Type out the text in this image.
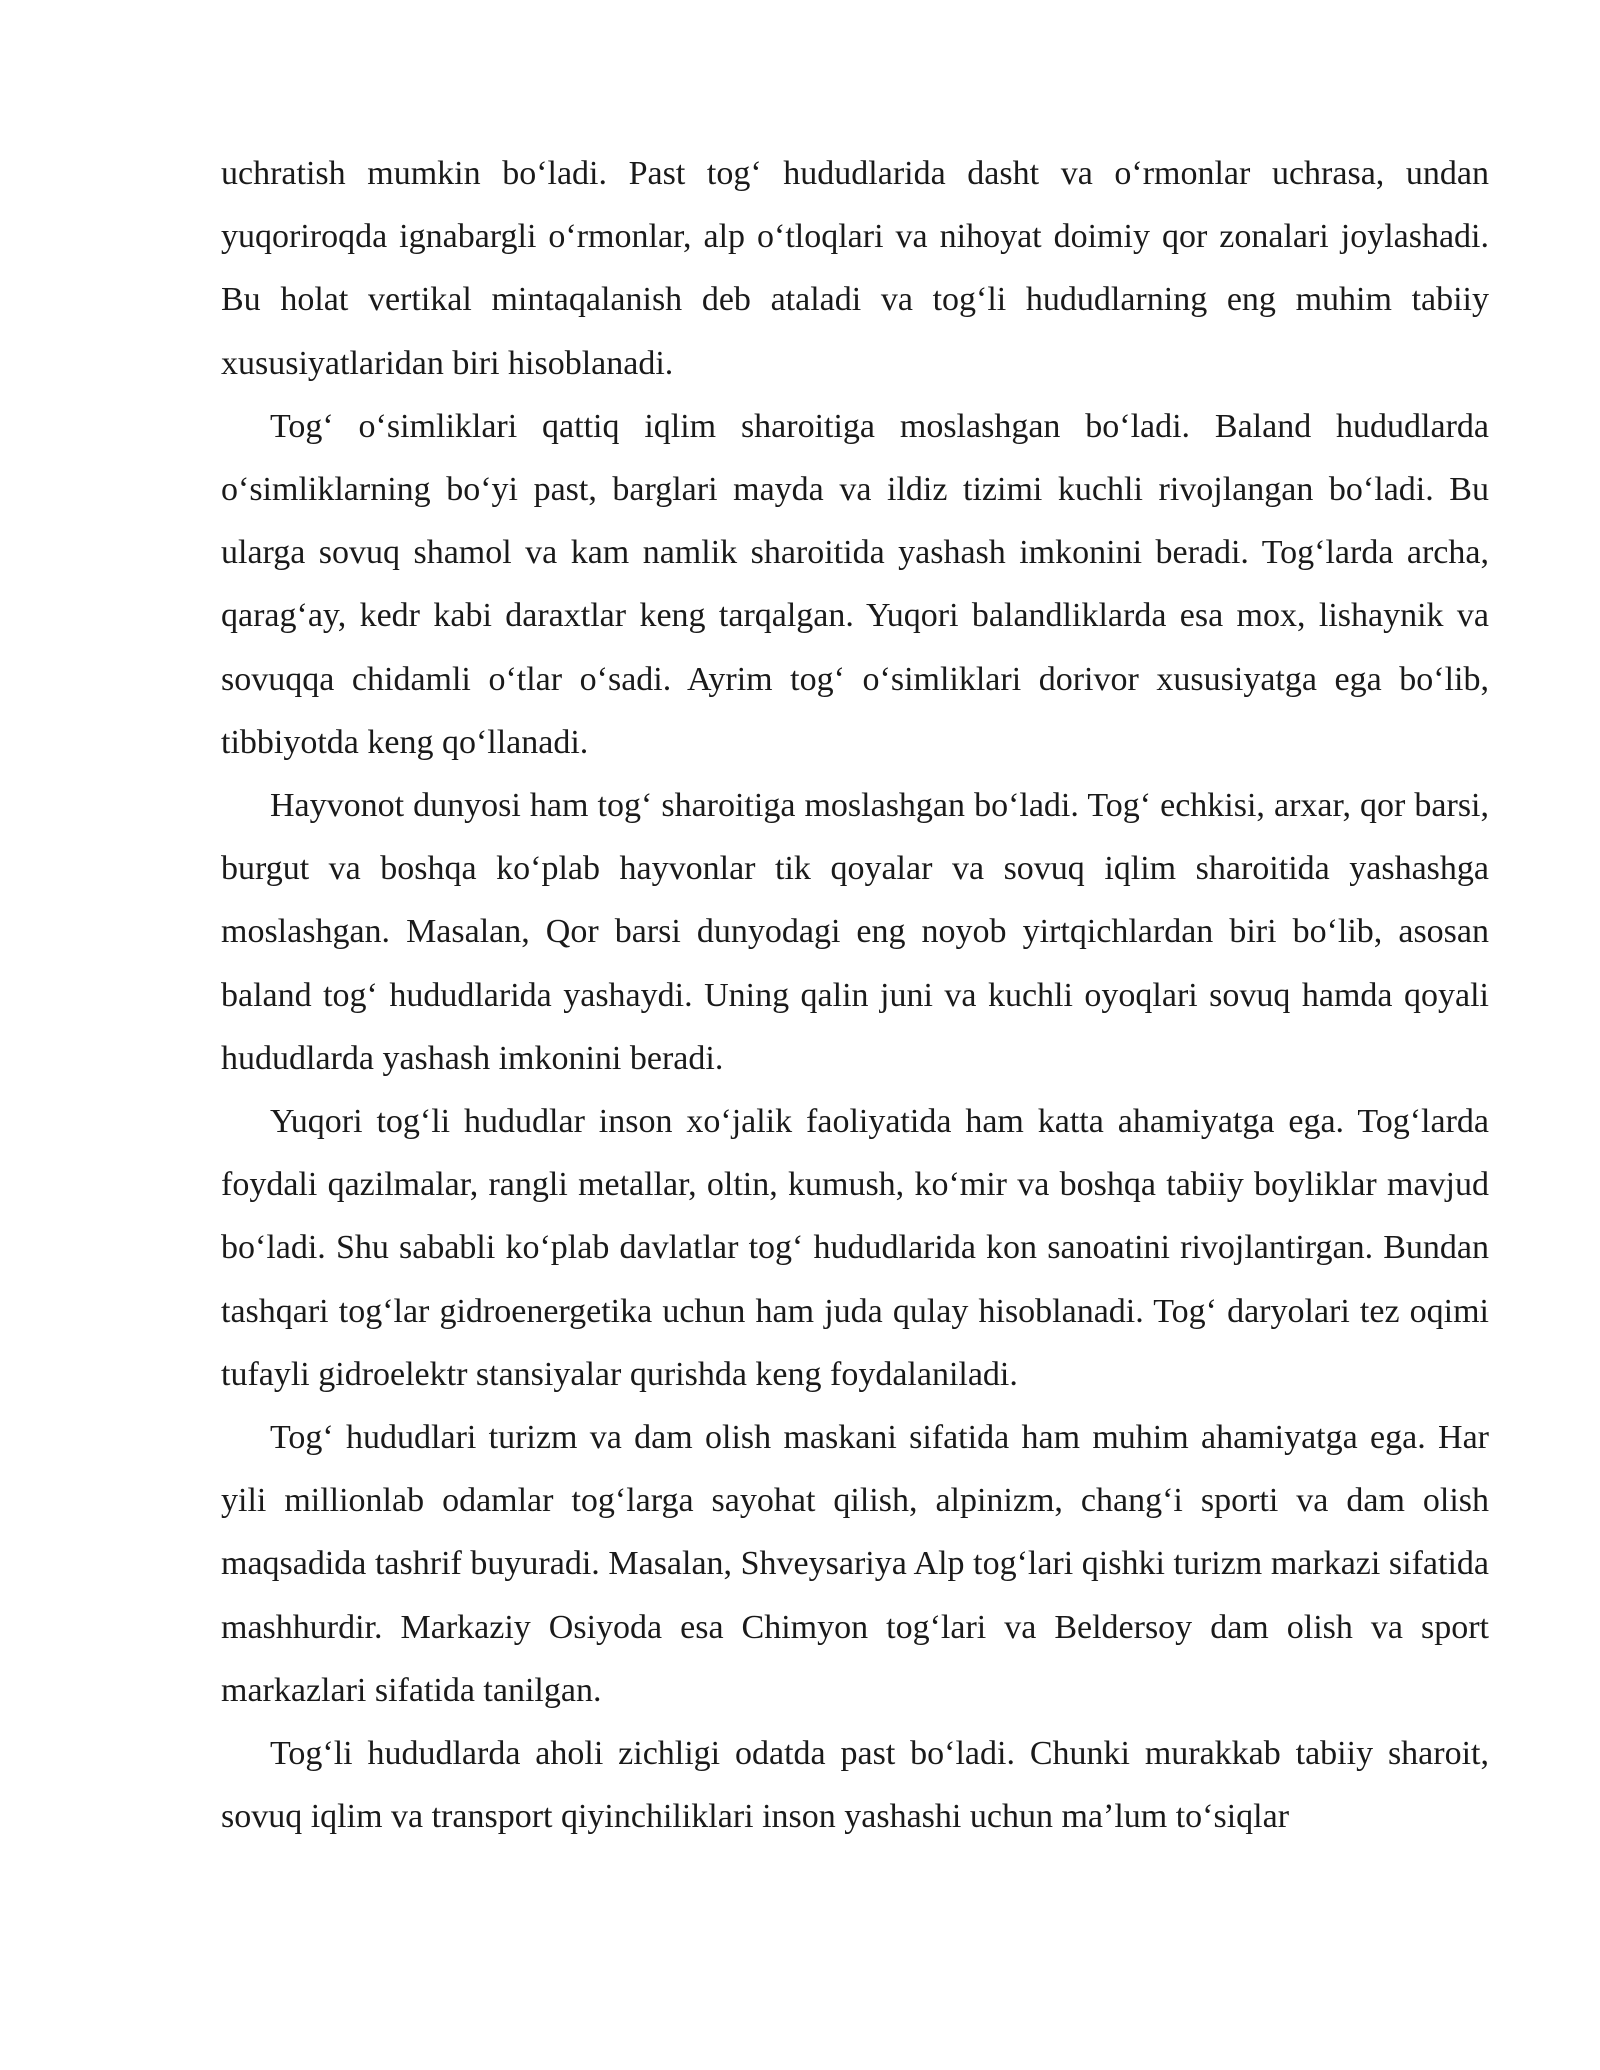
uchratish mumkin boʻladi. Past togʻ hududlarida dasht va oʻrmonlar uchrasa, undan yuqoriroqda ignabargli oʻrmonlar, alp oʻtloqlari va nihoyat doimiy qor zonalari joylashadi. Bu holat vertikal mintaqalanish deb ataladi va togʻli hududlarning eng muhim tabiiy xususiyatlaridan biri hisoblanadi.

Togʻ oʻsimliklari qattiq iqlim sharoitiga moslashgan boʻladi. Baland hududlarda oʻsimliklarning boʻyi past, barglari mayda va ildiz tizimi kuchli rivojlangan boʻladi. Bu ularga sovuq shamol va kam namlik sharoitida yashash imkonini beradi. Togʻlarda archa, qaragʻay, kedr kabi daraxtlar keng tarqalgan. Yuqori balandliklarda esa mox, lishaynik va sovuqqa chidamli oʻtlar oʻsadi. Ayrim togʻ oʻsimliklari dorivor xususiyatga ega boʻlib, tibbiyotda keng qoʻllanadi.

Hayvonot dunyosi ham togʻ sharoitiga moslashgan boʻladi. Togʻ echkisi, arxar, qor barsi, burgut va boshqa koʻplab hayvonlar tik qoyalar va sovuq iqlim sharoitida yashashga moslashgan. Masalan, Qor barsi dunyodagi eng noyob yirtqichlardan biri boʻlib, asosan baland togʻ hududlarida yashaydi. Uning qalin juni va kuchli oyoqlari sovuq hamda qoyali hududlarda yashash imkonini beradi.

Yuqori togʻli hududlar inson xoʻjalik faoliyatida ham katta ahamiyatga ega. Togʻlarda foydali qazilmalar, rangli metallar, oltin, kumush, koʻmir va boshqa tabiiy boyliklar mavjud boʻladi. Shu sababli koʻplab davlatlar togʻ hududlarida kon sanoatini rivojlantirgan. Bundan tashqari togʻlar gidroenergetika uchun ham juda qulay hisoblanadi. Togʻ daryolari tez oqimi tufayli gidroelektr stansiyalar qurishda keng foydalaniladi.

Togʻ hududlari turizm va dam olish maskani sifatida ham muhim ahamiyatga ega. Har yili millionlab odamlar togʻlarga sayohat qilish, alpinizm, changʻi sporti va dam olish maqsadida tashrif buyuradi. Masalan, Shveysariya Alp togʻlari qishki turizm markazi sifatida mashhurdir. Markaziy Osiyoda esa Chimyon togʻlari va Beldersoy dam olish va sport markazlari sifatida tanilgan.

Togʻli hududlarda aholi zichligi odatda past boʻladi. Chunki murakkab tabiiy sharoit, sovuq iqlim va transport qiyinchiliklari inson yashashi uchun maʼlum toʻsiqlar
